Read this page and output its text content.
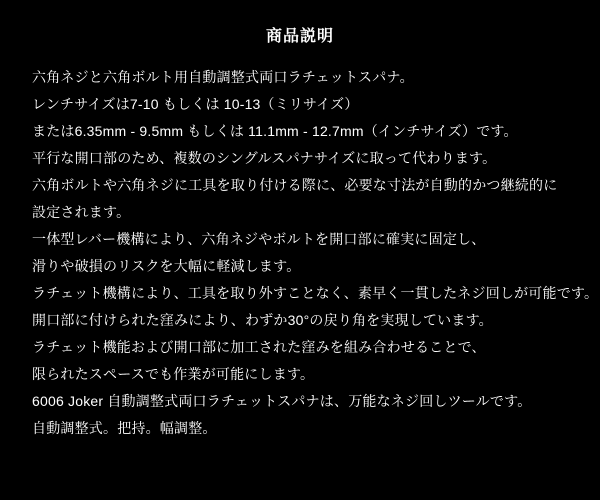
商品説明

六角ネジと六角ボルト用自動調整式両口ラチェットスパナ。

レンチサイズは7-10 もしくは 10-13（ミリサイズ）

または6.35mm - 9.5mm もしくは 11.1mm - 12.7mm（インチサイズ）です。

平行な開口部のため、複数のシングルスパナサイズに取って代わります。

六角ボルトや六角ネジに工具を取り付ける際に、必要な寸法が自動的かつ継続的に

設定されます。

一体型レバー機構により、六角ネジやボルトを開口部に確実に固定し、

滑りや破損のリスクを大幅に軽減します。

ラチェット機構により、工具を取り外すことなく、素早く一貫したネジ回しが可能です。

開口部に付けられた窪みにより、わずか30°の戻り角を実現しています。

ラチェット機能および開口部に加工された窪みを組み合わせることで、

限られたスペースでも作業が可能にします。

6006 Joker 自動調整式両口ラチェットスパナは、万能なネジ回しツールです。

自動調整式。把持。幅調整。
